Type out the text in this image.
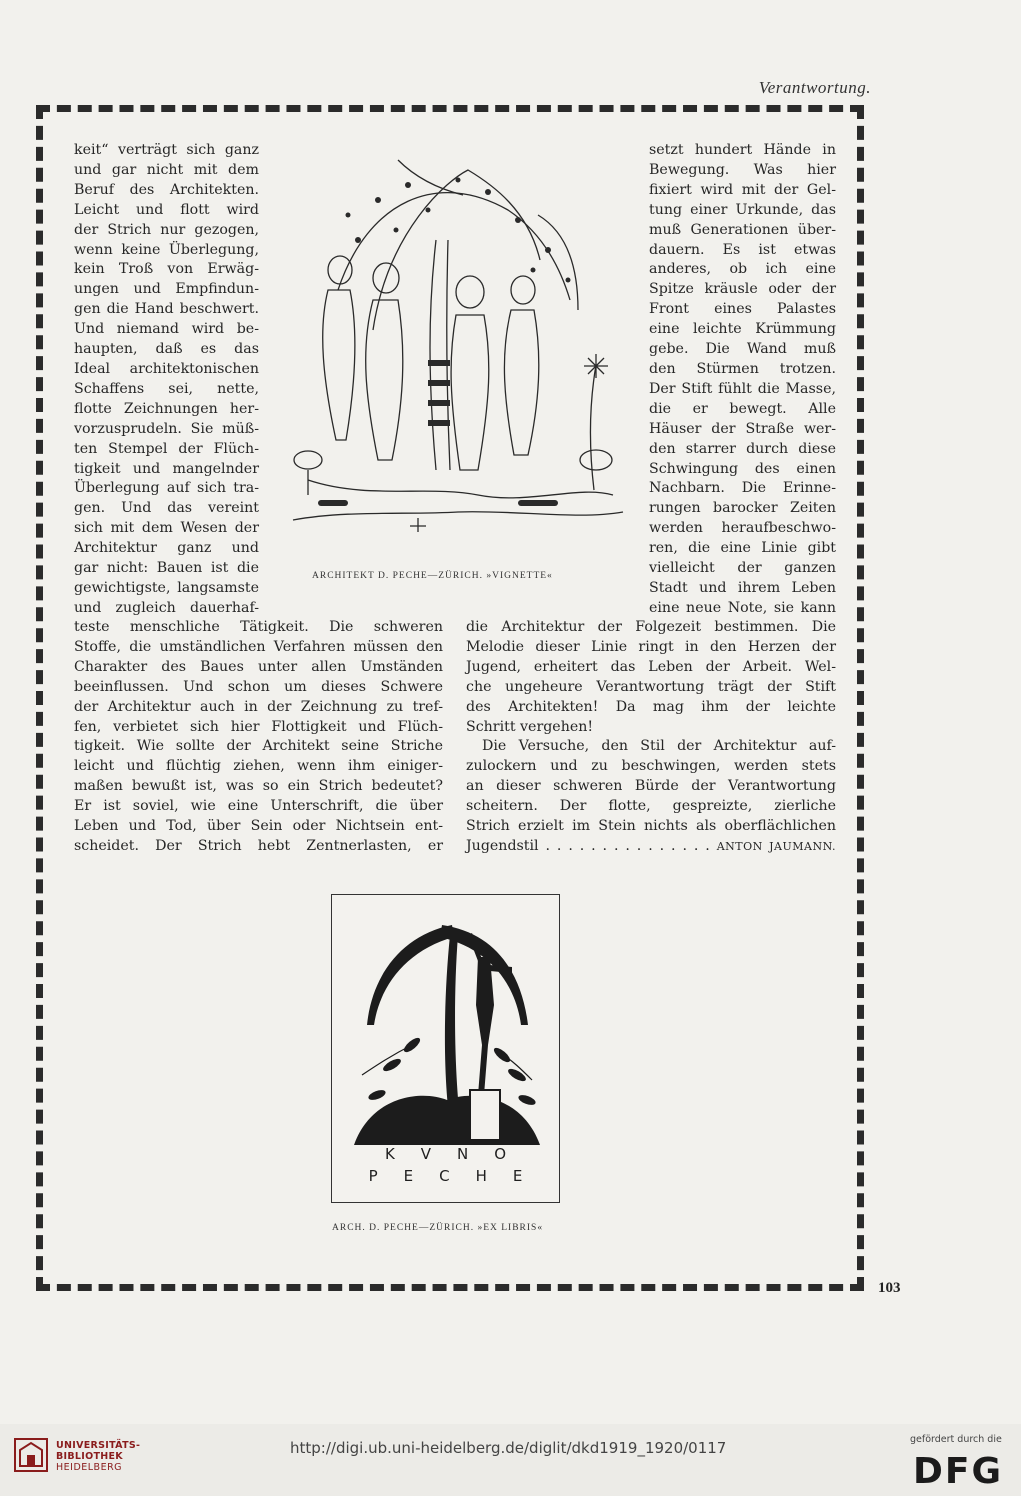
Verantwortung.
keit“ verträgt sich ganz
und gar nicht mit dem
Beruf des Architekten.
Leicht und flott wird
der Strich nur gezogen,
wenn keine Überlegung,
kein Troß von Erwäg-
ungen und Empfindun-
gen die Hand beschwert.
Und niemand wird be-
haupten, daß es das
Ideal architektonischen
Schaffens sei, nette,
flotte Zeichnungen her-
vorzusprudeln. Sie müß-
ten Stempel der Flüch-
tigkeit und mangelnder
Überlegung auf sich tra-
gen. Und das vereint
sich mit dem Wesen der
Architektur ganz und
gar nicht: Bauen ist die
gewichtigste, langsamste
und zugleich dauerhaf-
setzt hundert Hände in
Bewegung. Was hier
fixiert wird mit der Gel-
tung einer Urkunde, das
muß Generationen über-
dauern. Es ist etwas
anderes, ob ich eine
Spitze kräusle oder der
Front eines Palastes
eine leichte Krümmung
gebe. Die Wand muß
den Stürmen trotzen.
Der Stift fühlt die Masse,
die er bewegt. Alle
Häuser der Straße wer-
den starrer durch diese
Schwingung des einen
Nachbarn. Die Erinne-
rungen barocker Zeiten
werden heraufbeschwo-
ren, die eine Linie gibt
vielleicht der ganzen
Stadt und ihrem Leben
eine neue Note, sie kann
ARCHITEKT D. PECHE—ZÜRICH. »VIGNETTE«
teste menschliche Tätigkeit. Die schweren
Stoffe, die umständlichen Verfahren müssen den
Charakter des Baues unter allen Umständen
beeinflussen. Und schon um dieses Schwere
der Architektur auch in der Zeichnung zu tref-
fen, verbietet sich hier Flottigkeit und Flüch-
tigkeit. Wie sollte der Architekt seine Striche
leicht und flüchtig ziehen, wenn ihm einiger-
maßen bewußt ist, was so ein Strich bedeutet?
Er ist soviel, wie eine Unterschrift, die über
Leben und Tod, über Sein oder Nichtsein ent-
scheidet. Der Strich hebt Zentnerlasten, er
die Architektur der Folgezeit bestimmen. Die
Melodie dieser Linie ringt in den Herzen der
Jugend, erheitert das Leben der Arbeit. Wel-
che ungeheure Verantwortung trägt der Stift
des Architekten! Da mag ihm der leichte
Schritt vergehen!
Die Versuche, den Stil der Architektur auf-
zulockern und zu beschwingen, werden stets
an dieser schweren Bürde der Verantwortung
scheitern. Der flotte, gespreizte, zierliche
Strich erzielt im Stein nichts als oberflächlichen
Jugendstil . . . . . . . . . . . . . . . ANTON JAUMANN.
KVNO
PECHE
ARCH. D. PECHE—ZÜRICH. »EX LIBRIS«
103
UNIVERSITÄTS-
BIBLIOTHEK
HEIDELBERG
http://digi.ub.uni-heidelberg.de/diglit/dkd1919_1920/0117	gefördert durch die
DFG
